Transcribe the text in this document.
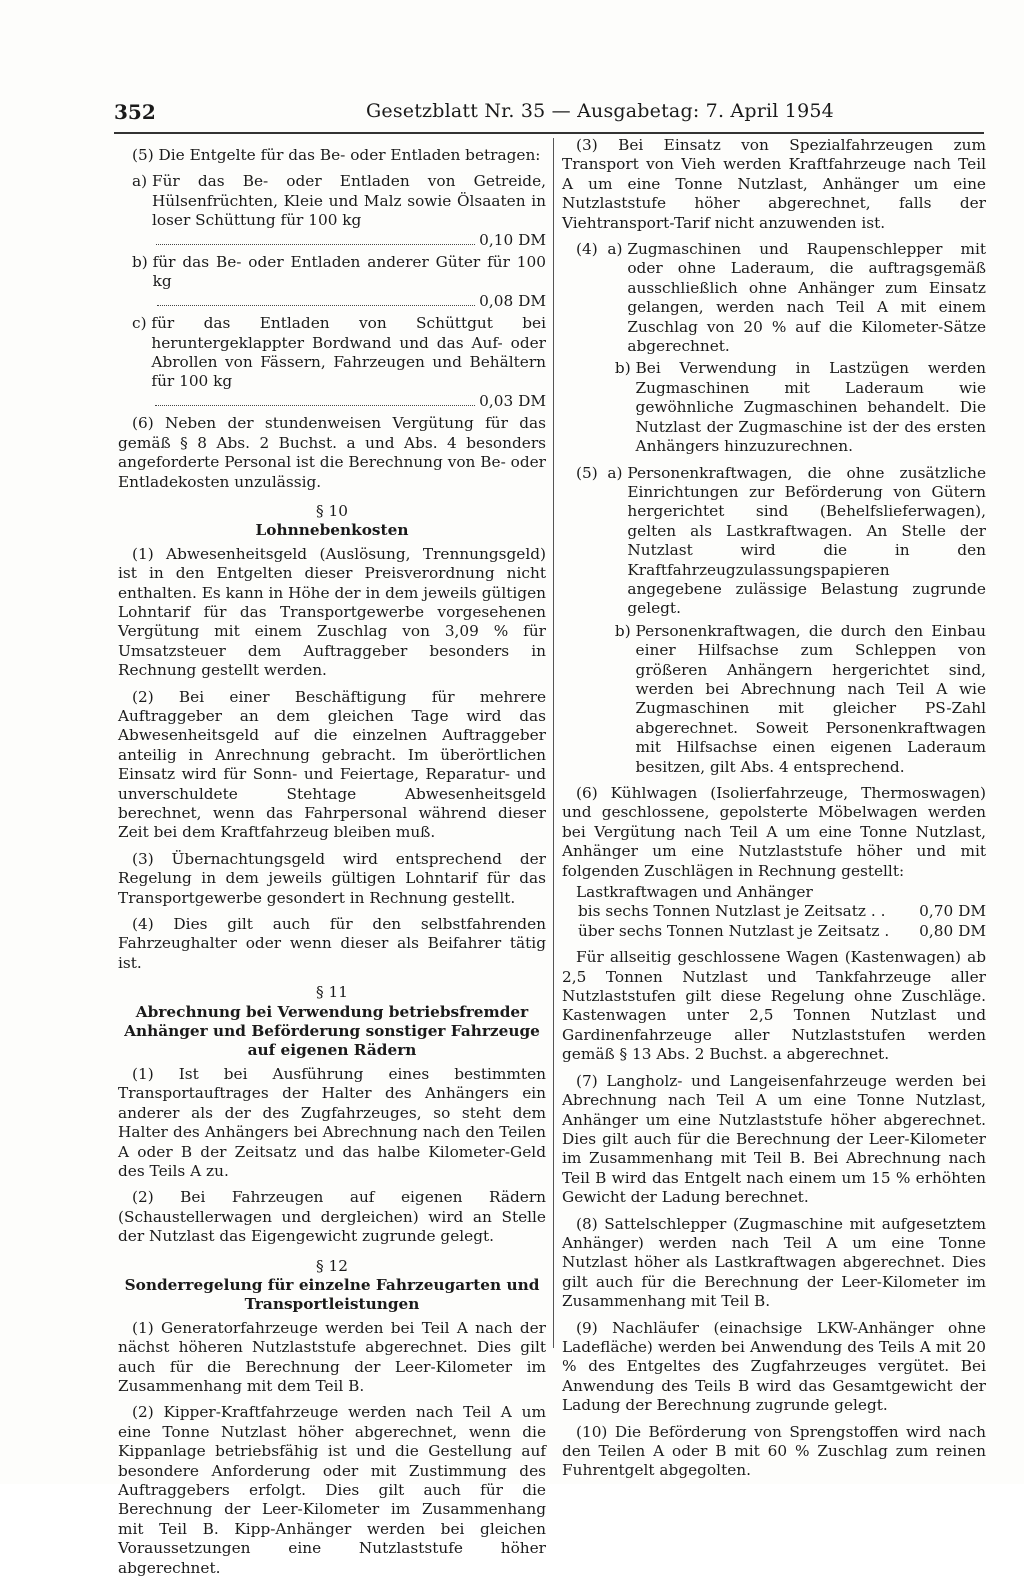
352	Gesetzblatt Nr. 35 — Ausgabetag: 7. April 1954

(5) Die Entgelte für das Be- oder Entladen betragen:

a) Für das Be- oder Entladen von Getreide, Hülsenfrüchten, Kleie und Malz sowie Ölsaaten in loser Schüttung für 100 kg
0,10 DM
b) für das Be- oder Entladen anderer Güter für 100 kg
0,08 DM
c) für das Entladen von Schüttgut bei heruntergeklappter Bordwand und das Auf- oder Abrollen von Fässern, Fahrzeugen und Behältern für 100 kg
0,03 DM

(6) Neben der stundenweisen Vergütung für das gemäß § 8 Abs. 2 Buchst. a und Abs. 4 besonders angeforderte Personal ist die Berechnung von Be- oder Entladekosten unzulässig.

§ 10

Lohnnebenkosten

(1) Abwesenheitsgeld (Auslösung, Trennungsgeld) ist in den Entgelten dieser Preisverordnung nicht enthalten. Es kann in Höhe der in dem jeweils gültigen Lohntarif für das Transportgewerbe vorgesehenen Vergütung mit einem Zuschlag von 3,09 % für Umsatzsteuer dem Auftraggeber besonders in Rechnung gestellt werden.

(2) Bei einer Beschäftigung für mehrere Auftraggeber an dem gleichen Tage wird das Abwesenheitsgeld auf die einzelnen Auftraggeber anteilig in Anrechnung gebracht. Im überörtlichen Einsatz wird für Sonn- und Feiertage, Reparatur- und unverschuldete Stehtage Abwesenheitsgeld berechnet, wenn das Fahrpersonal während dieser Zeit bei dem Kraftfahrzeug bleiben muß.

(3) Übernachtungsgeld wird entsprechend der Regelung in dem jeweils gültigen Lohntarif für das Transportgewerbe gesondert in Rechnung gestellt.

(4) Dies gilt auch für den selbstfahrenden Fahrzeughalter oder wenn dieser als Beifahrer tätig ist.

§ 11

Abrechnung bei Verwendung betriebsfremder Anhänger und Beförderung sonstiger Fahrzeuge auf eigenen Rädern

(1) Ist bei Ausführung eines bestimmten Transportauftrages der Halter des Anhängers ein anderer als der des Zugfahrzeuges, so steht dem Halter des Anhängers bei Abrechnung nach den Teilen A oder B der Zeitsatz und das halbe Kilometer-Geld des Teils A zu.

(2) Bei Fahrzeugen auf eigenen Rädern (Schaustellerwagen und dergleichen) wird an Stelle der Nutzlast das Eigengewicht zugrunde gelegt.

§ 12

Sonderregelung für einzelne Fahrzeugarten und Transportleistungen

(1) Generatorfahrzeuge werden bei Teil A nach der nächst höheren Nutzlaststufe abgerechnet. Dies gilt auch für die Berechnung der Leer-Kilometer im Zusammenhang mit dem Teil B.

(2) Kipper-Kraftfahrzeuge werden nach Teil A um eine Tonne Nutzlast höher abgerechnet, wenn die Kippanlage betriebsfähig ist und die Gestellung auf besondere Anforderung oder mit Zustimmung des Auftraggebers erfolgt. Dies gilt auch für die Berechnung der Leer-Kilometer im Zusammenhang mit Teil B. Kipp-Anhänger werden bei gleichen Voraussetzungen eine Nutzlaststufe höher abgerechnet.

(3) Bei Einsatz von Spezialfahrzeugen zum Transport von Vieh werden Kraftfahrzeuge nach Teil A um eine Tonne Nutzlast, Anhänger um eine Nutzlaststufe höher abgerechnet, falls der Viehtransport-Tarif nicht anzuwenden ist.

(4)  a) Zugmaschinen und Raupenschlepper mit oder ohne Laderaum, die auftragsgemäß ausschließlich ohne Anhänger zum Einsatz gelangen, werden nach Teil A mit einem Zuschlag von 20 % auf die Kilometer-Sätze abgerechnet.
b) Bei Verwendung in Lastzügen werden Zugmaschinen mit Laderaum wie gewöhnliche Zugmaschinen behandelt. Die Nutzlast der Zugmaschine ist der des ersten Anhängers hinzuzurechnen.
(5)  a) Personenkraftwagen, die ohne zusätzliche Einrichtungen zur Beförderung von Gütern hergerichtet sind (Behelfslieferwagen), gelten als Lastkraftwagen. An Stelle der Nutzlast wird die in den Kraftfahrzeugzulassungspapieren angegebene zulässige Belastung zugrunde gelegt.
b) Personenkraftwagen, die durch den Einbau einer Hilfsachse zum Schleppen von größeren Anhängern hergerichtet sind, werden bei Abrechnung nach Teil A wie Zugmaschinen mit gleicher PS-Zahl abgerechnet. Soweit Personenkraftwagen mit Hilfsachse einen eigenen Laderaum besitzen, gilt Abs. 4 entsprechend.

(6) Kühlwagen (Isolierfahrzeuge, Thermoswagen) und geschlossene, gepolsterte Möbelwagen werden bei Vergütung nach Teil A um eine Tonne Nutzlast, Anhänger um eine Nutzlaststufe höher und mit folgenden Zuschlägen in Rechnung gestellt:

Lastkraftwagen und Anhänger

bis sechs Tonnen Nutzlast je Zeitsatz . .	0,70 DM
über sechs Tonnen Nutzlast je Zeitsatz .	0,80 DM

Für allseitig geschlossene Wagen (Kastenwagen) ab 2,5 Tonnen Nutzlast und Tankfahrzeuge aller Nutzlaststufen gilt diese Regelung ohne Zuschläge. Kastenwagen unter 2,5 Tonnen Nutzlast und Gardinenfahrzeuge aller Nutzlaststufen werden gemäß § 13 Abs. 2 Buchst. a abgerechnet.

(7) Langholz- und Langeisenfahrzeuge werden bei Abrechnung nach Teil A um eine Tonne Nutzlast, Anhänger um eine Nutzlaststufe höher abgerechnet. Dies gilt auch für die Berechnung der Leer-Kilometer im Zusammenhang mit Teil B. Bei Abrechnung nach Teil B wird das Entgelt nach einem um 15 % erhöhten Gewicht der Ladung berechnet.

(8) Sattelschlepper (Zugmaschine mit aufgesetztem Anhänger) werden nach Teil A um eine Tonne Nutzlast höher als Lastkraftwagen abgerechnet. Dies gilt auch für die Berechnung der Leer-Kilometer im Zusammenhang mit Teil B.

(9) Nachläufer (einachsige LKW-Anhänger ohne Ladefläche) werden bei Anwendung des Teils A mit 20 % des Entgeltes des Zugfahrzeuges vergütet. Bei Anwendung des Teils B wird das Gesamtgewicht der Ladung der Berechnung zugrunde gelegt.

(10) Die Beförderung von Sprengstoffen wird nach den Teilen A oder B mit 60 % Zuschlag zum reinen Fuhrentgelt abgegolten.
